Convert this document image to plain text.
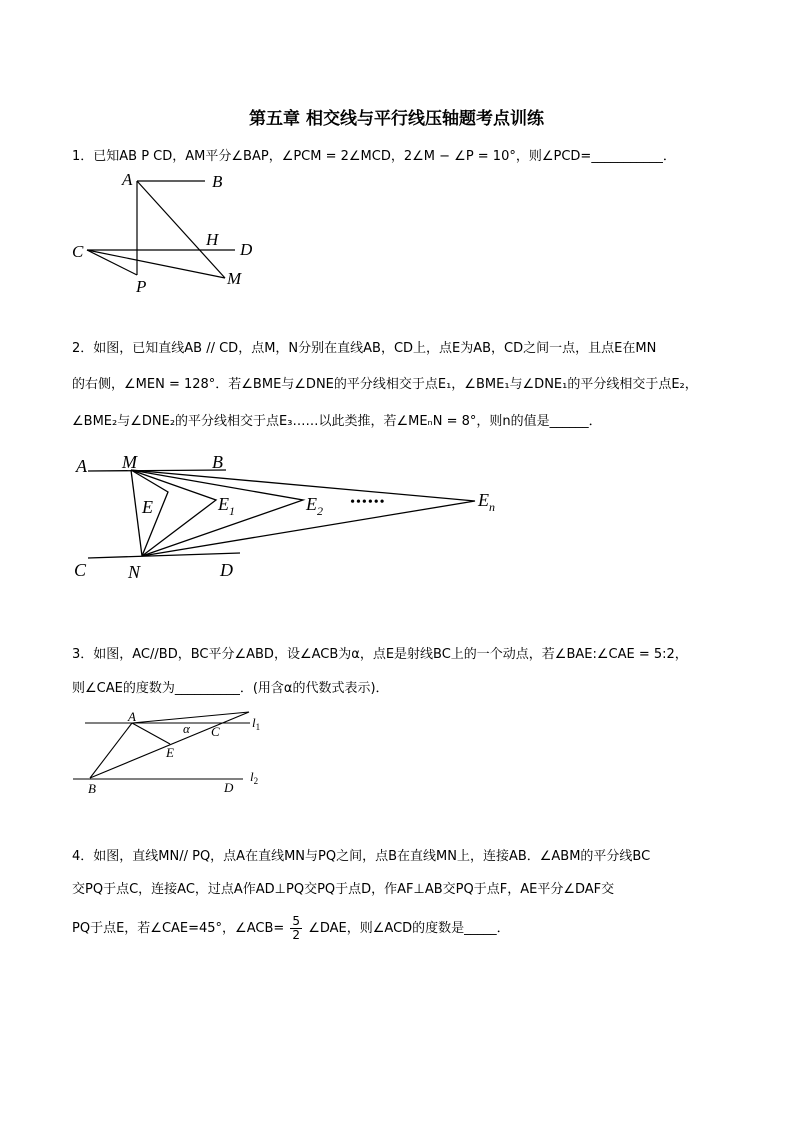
第五章 相交线与平行线压轴题考点训练
1．已知AB P CD，AM平分∠BAP，∠PCM = 2∠MCD，2∠M − ∠P = 10°，则∠PCD=___________．
A	B
C	D
H
P	M
2．如图，已知直线AB // CD，点M，N分别在直线AB，CD上，点E为AB，CD之间一点，且点E在MN
的右侧，∠MEN = 128°．若∠BME与∠DNE的平分线相交于点E₁，∠BME₁与∠DNE₁的平分线相交于点E₂，
∠BME₂与∠DNE₂的平分线相交于点E₃……以此类推，若∠MEₙN = 8°，则n的值是______．
A M	B
E	$E_1$	$E_2$
••••••	$E_n$
C N	D
3．如图，AC//BD，BC平分∠ABD，设∠ACB为α，点E是射线BC上的一个动点，若∠BAE:∠CAE = 5:2，
则∠CAE的度数为__________．(用含α的代数式表示)．
A
α C
$l_1$
E
$l_2$
B	D
4．如图，直线MN// PQ，点A在直线MN与PQ之间，点B在直线MN上，连接AB．∠ABM的平分线BC
交PQ于点C，连接AC，过点A作AD⊥PQ交PQ于点D，作AF⊥AB交PQ于点F，AE平分∠DAF交
PQ于点E，若∠CAE=45°，∠ACB= $\frac{5}{2}$ ∠DAE，则∠ACD的度数是_____．
